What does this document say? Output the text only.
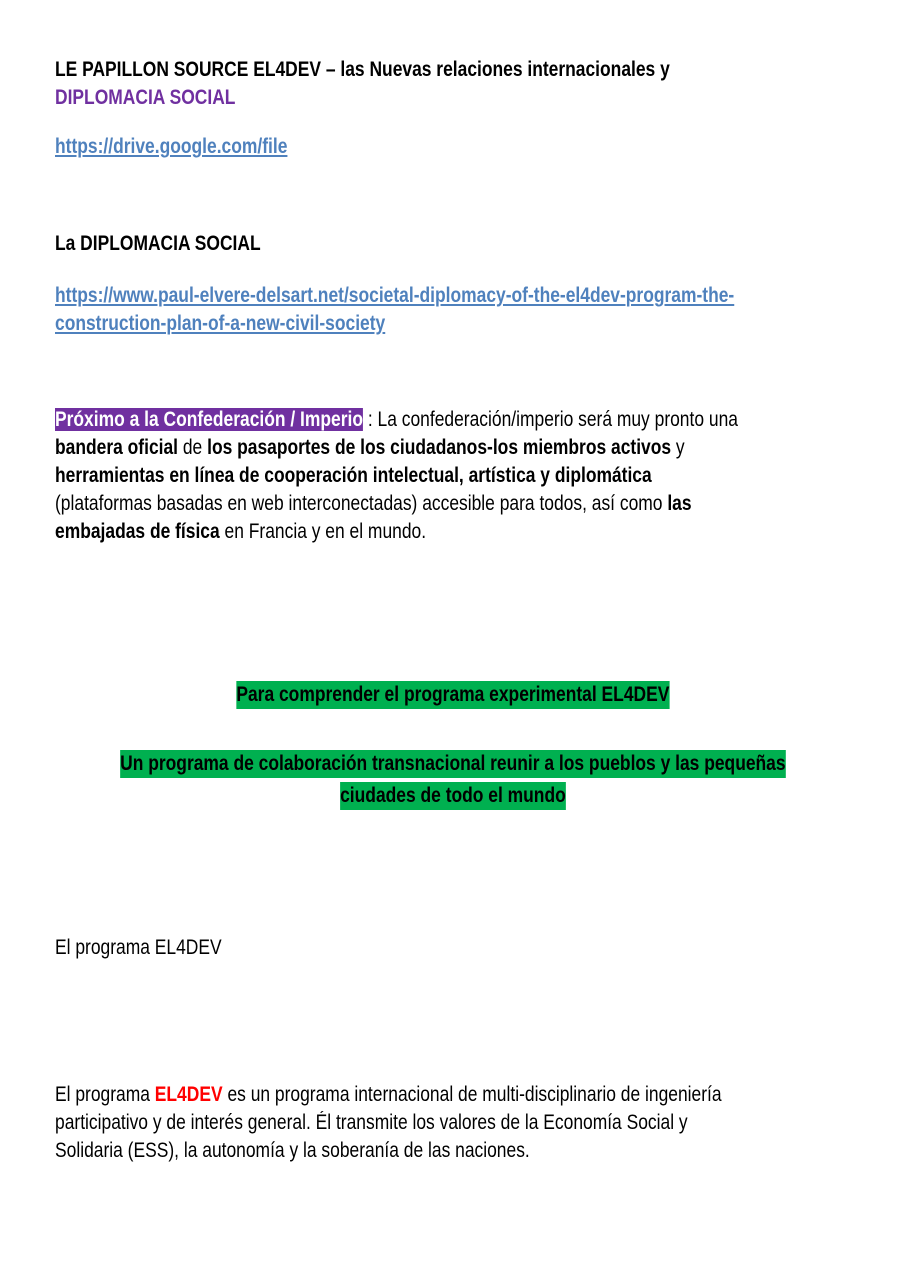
LE PAPILLON SOURCE EL4DEV – las Nuevas relaciones internacionales y
DIPLOMACIA SOCIAL
https://drive.google.com/file
La DIPLOMACIA SOCIAL
https://www.paul-elvere-delsart.net/societal-diplomacy-of-the-el4dev-program-the-
construction-plan-of-a-new-civil-society
Próximo a la Confederación / Imperio : La confederación/imperio será muy pronto una
bandera oficial de los pasaportes de los ciudadanos-los miembros activos y
herramientas en línea de cooperación intelectual, artística y diplomática
(plataformas basadas en web interconectadas) accesible para todos, así como las
embajadas de física en Francia y en el mundo.
Para comprender el programa experimental EL4DEV
Un programa de colaboración transnacional reunir a los pueblos y las pequeñas
ciudades de todo el mundo
El programa EL4DEV
El programa EL4DEV es un programa internacional de multi-disciplinario de ingeniería
participativo y de interés general. Él transmite los valores de la Economía Social y
Solidaria (ESS), la autonomía y la soberanía de las naciones.
